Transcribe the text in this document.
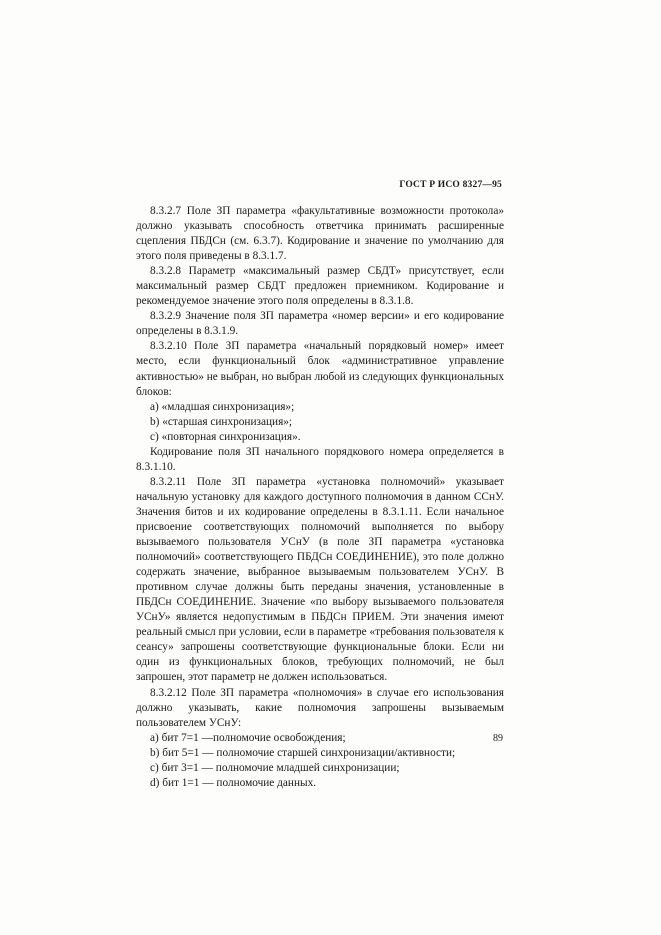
ГОСТ Р ИСО 8327—95

8.3.2.7 Поле ЗП параметра «факультативные возможности протокола» должно указывать способность ответчика принимать расширенные сцепления ПБДСн (см. 6.3.7). Кодирование и значение по умолчанию для этого поля приведены в 8.3.1.7.

8.3.2.8 Параметр «максимальный размер СБДТ» присутствует, если максимальный размер СБДТ предложен приемником. Кодирование и рекомендуемое значение этого поля определены в 8.3.1.8.

8.3.2.9 Значение поля ЗП параметра «номер версии» и его кодирование определены в 8.3.1.9.

8.3.2.10 Поле ЗП параметра «начальный порядковый номер» имеет место, если функциональный блок «административное управление активностью» не выбран, но выбран любой из следующих функциональных блоков:

a) «младшая синхронизация»;

b) «старшая синхронизация»;

c) «повторная синхронизация».

Кодирование поля ЗП начального порядкового номера определяется в 8.3.1.10.

8.3.2.11 Поле ЗП параметра «установка полномочий» указывает начальную установку для каждого доступного полномочия в данном ССнУ. Значения битов и их кодирование определены в 8.3.1.11. Если начальное присвоение соответствующих полномочий выполняется по выбору вызываемого пользователя УСнУ (в поле ЗП параметра «установка полномочий» соответствующего ПБДСн СОЕДИНЕНИЕ), это поле должно содержать значение, выбранное вызываемым пользователем УСнУ. В противном случае должны быть переданы значения, установленные в ПБДСн СОЕДИНЕНИЕ. Значение «по выбору вызываемого пользователя УСнУ» является недопустимым в ПБДСн ПРИЕМ. Эти значения имеют реальный смысл при условии, если в параметре «требования пользователя к сеансу» запрошены соответствующие функциональные блоки. Если ни один из функциональных блоков, требующих полномочий, не был запрошен, этот параметр не должен использоваться.

8.3.2.12 Поле ЗП параметра «полномочия» в случае его использования должно указывать, какие полномочия запрошены вызываемым пользователем УСнУ:

a) бит 7=1 —полномочие освобождения;

b) бит 5=1 — полномочие старшей синхронизации/активности;

c) бит 3=1 — полномочие младшей синхронизации;

d) бит 1=1 — полномочие данных.

89
